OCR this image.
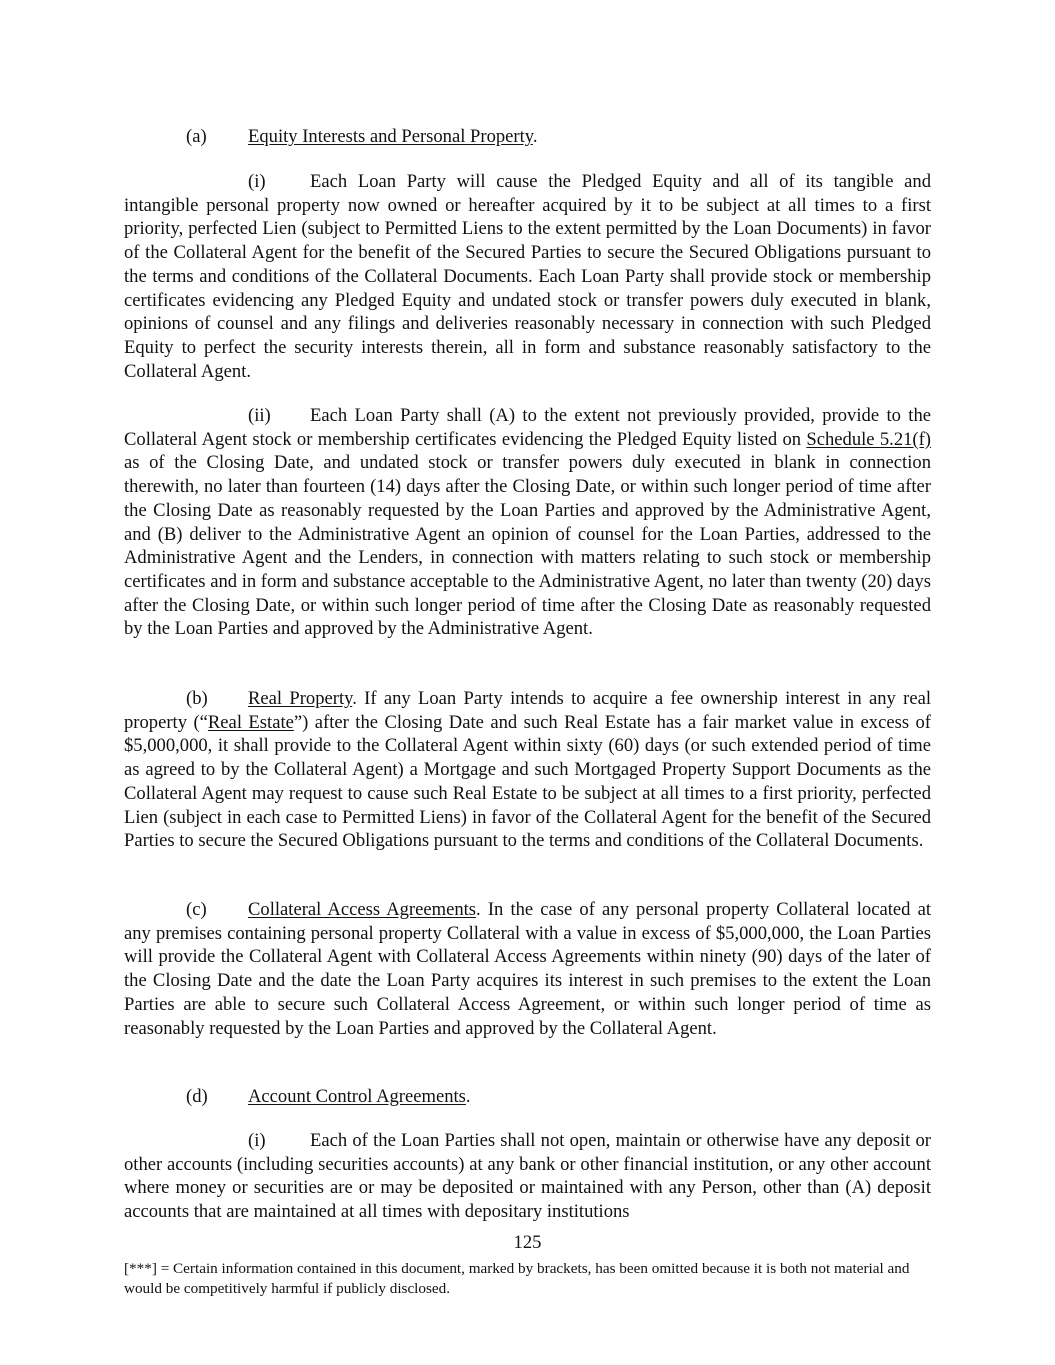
(a) Equity Interests and Personal Property.

(i) Each Loan Party will cause the Pledged Equity and all of its tangible and intangible personal property now owned or hereafter acquired by it to be subject at all times to a first priority, perfected Lien (subject to Permitted Liens to the extent permitted by the Loan Documents) in favor of the Collateral Agent for the benefit of the Secured Parties to secure the Secured Obligations pursuant to the terms and conditions of the Collateral Documents. Each Loan Party shall provide stock or membership certificates evidencing any Pledged Equity and undated stock or transfer powers duly executed in blank, opinions of counsel and any filings and deliveries reasonably necessary in connection with such Pledged Equity to perfect the security interests therein, all in form and substance reasonably satisfactory to the Collateral Agent.

(ii) Each Loan Party shall (A) to the extent not previously provided, provide to the Collateral Agent stock or membership certificates evidencing the Pledged Equity listed on Schedule 5.21(f) as of the Closing Date, and undated stock or transfer powers duly executed in blank in connection therewith, no later than fourteen (14) days after the Closing Date, or within such longer period of time after the Closing Date as reasonably requested by the Loan Parties and approved by the Administrative Agent, and (B) deliver to the Administrative Agent an opinion of counsel for the Loan Parties, addressed to the Administrative Agent and the Lenders, in connection with matters relating to such stock or membership certificates and in form and substance acceptable to the Administrative Agent, no later than twenty (20) days after the Closing Date, or within such longer period of time after the Closing Date as reasonably requested by the Loan Parties and approved by the Administrative Agent.

(b) Real Property. If any Loan Party intends to acquire a fee ownership interest in any real property (“Real Estate”) after the Closing Date and such Real Estate has a fair market value in excess of $5,000,000, it shall provide to the Collateral Agent within sixty (60) days (or such extended period of time as agreed to by the Collateral Agent) a Mortgage and such Mortgaged Property Support Documents as the Collateral Agent may request to cause such Real Estate to be subject at all times to a first priority, perfected Lien (subject in each case to Permitted Liens) in favor of the Collateral Agent for the benefit of the Secured Parties to secure the Secured Obligations pursuant to the terms and conditions of the Collateral Documents.

(c) Collateral Access Agreements. In the case of any personal property Collateral located at any premises containing personal property Collateral with a value in excess of $5,000,000, the Loan Parties will provide the Collateral Agent with Collateral Access Agreements within ninety (90) days of the later of the Closing Date and the date the Loan Party acquires its interest in such premises to the extent the Loan Parties are able to secure such Collateral Access Agreement, or within such longer period of time as reasonably requested by the Loan Parties and approved by the Collateral Agent.

(d) Account Control Agreements.

(i) Each of the Loan Parties shall not open, maintain or otherwise have any deposit or other accounts (including securities accounts) at any bank or other financial institution, or any other account where money or securities are or may be deposited or maintained with any Person, other than (A) deposit accounts that are maintained at all times with depositary institutions

125

[***] = Certain information contained in this document, marked by brackets, has been omitted because it is both not material and would be competitively harmful if publicly disclosed.
